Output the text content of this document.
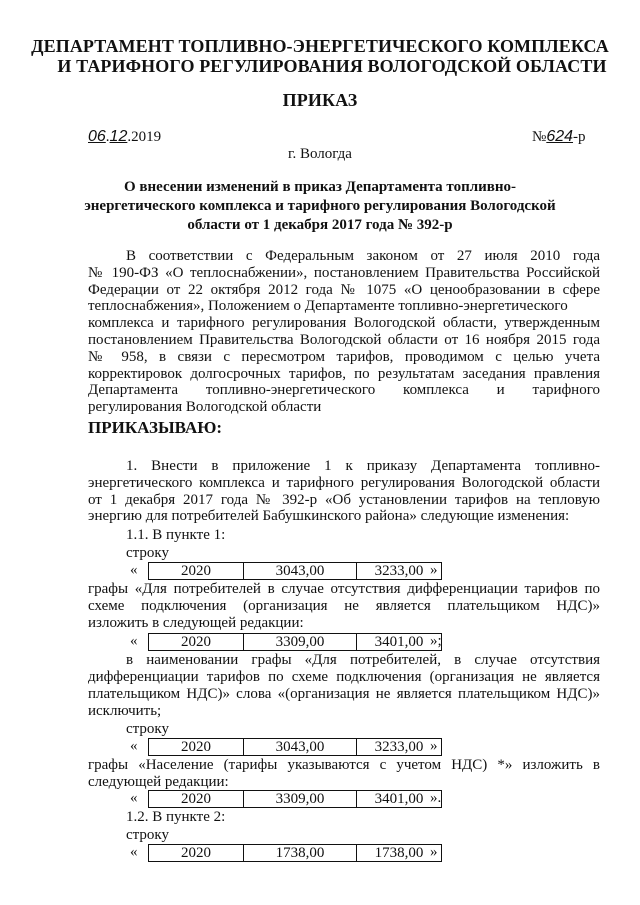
ДЕПАРТАМЕНТ ТОПЛИВНО-ЭНЕРГЕТИЧЕСКОГО КОМПЛЕКСА
И ТАРИФНОГО РЕГУЛИРОВАНИЯ ВОЛОГОДСКОЙ ОБЛАСТИ
ПРИКАЗ
06.12.2019	№624-р
г. Вологда
О внесении изменений в приказ Департамента топливно-
энергетического комплекса и тарифного регулирования Вологодской
области от 1 декабря 2017 года № 392-р
В соответствии с Федеральным законом от 27 июля 2010 года
№ 190-ФЗ «О теплоснабжении», постановлением Правительства Российской
Федерации от 22 октября 2012 года № 1075 «О ценообразовании в сфере
теплоснабжения», Положением о Департаменте топливно-энергетического
комплекса и тарифного регулирования Вологодской области, утвержденным
постановлением Правительства Вологодской области от 16 ноября 2015 года
№ 958, в связи с пересмотром тарифов, проводимом с целью учета
корректировок долгосрочных тарифов, по результатам заседания правления
Департамента топливно-энергетического комплекса и тарифного
регулирования Вологодской области
ПРИКАЗЫВАЮ:
1. Внести в приложение 1 к приказу Департамента топливно-
энергетического комплекса и тарифного регулирования Вологодской области
от 1 декабря 2017 года № 392-р «Об установлении тарифов на тепловую
энергию для потребителей Бабушкинского района» следующие изменения:
1.1. В пункте 1:
строку
«	2020	3043,00	3233,00 »
графы «Для потребителей в случае отсутствия дифференциации тарифов по
схеме подключения (организация не является плательщиком НДС)»
изложить в следующей редакции:
«	2020	3309,00	3401,00 »;
в наименовании графы «Для потребителей, в случае отсутствия
дифференциации тарифов по схеме подключения (организация не является
плательщиком НДС)» слова «(организация не является плательщиком НДС)»
исключить;
строку
«	2020	3043,00	3233,00 »
графы «Население (тарифы указываются с учетом НДС) *» изложить в
следующей редакции:
«	2020	3309,00	3401,00 ».
1.2. В пункте 2:
строку
«	2020	1738,00	1738,00 »
